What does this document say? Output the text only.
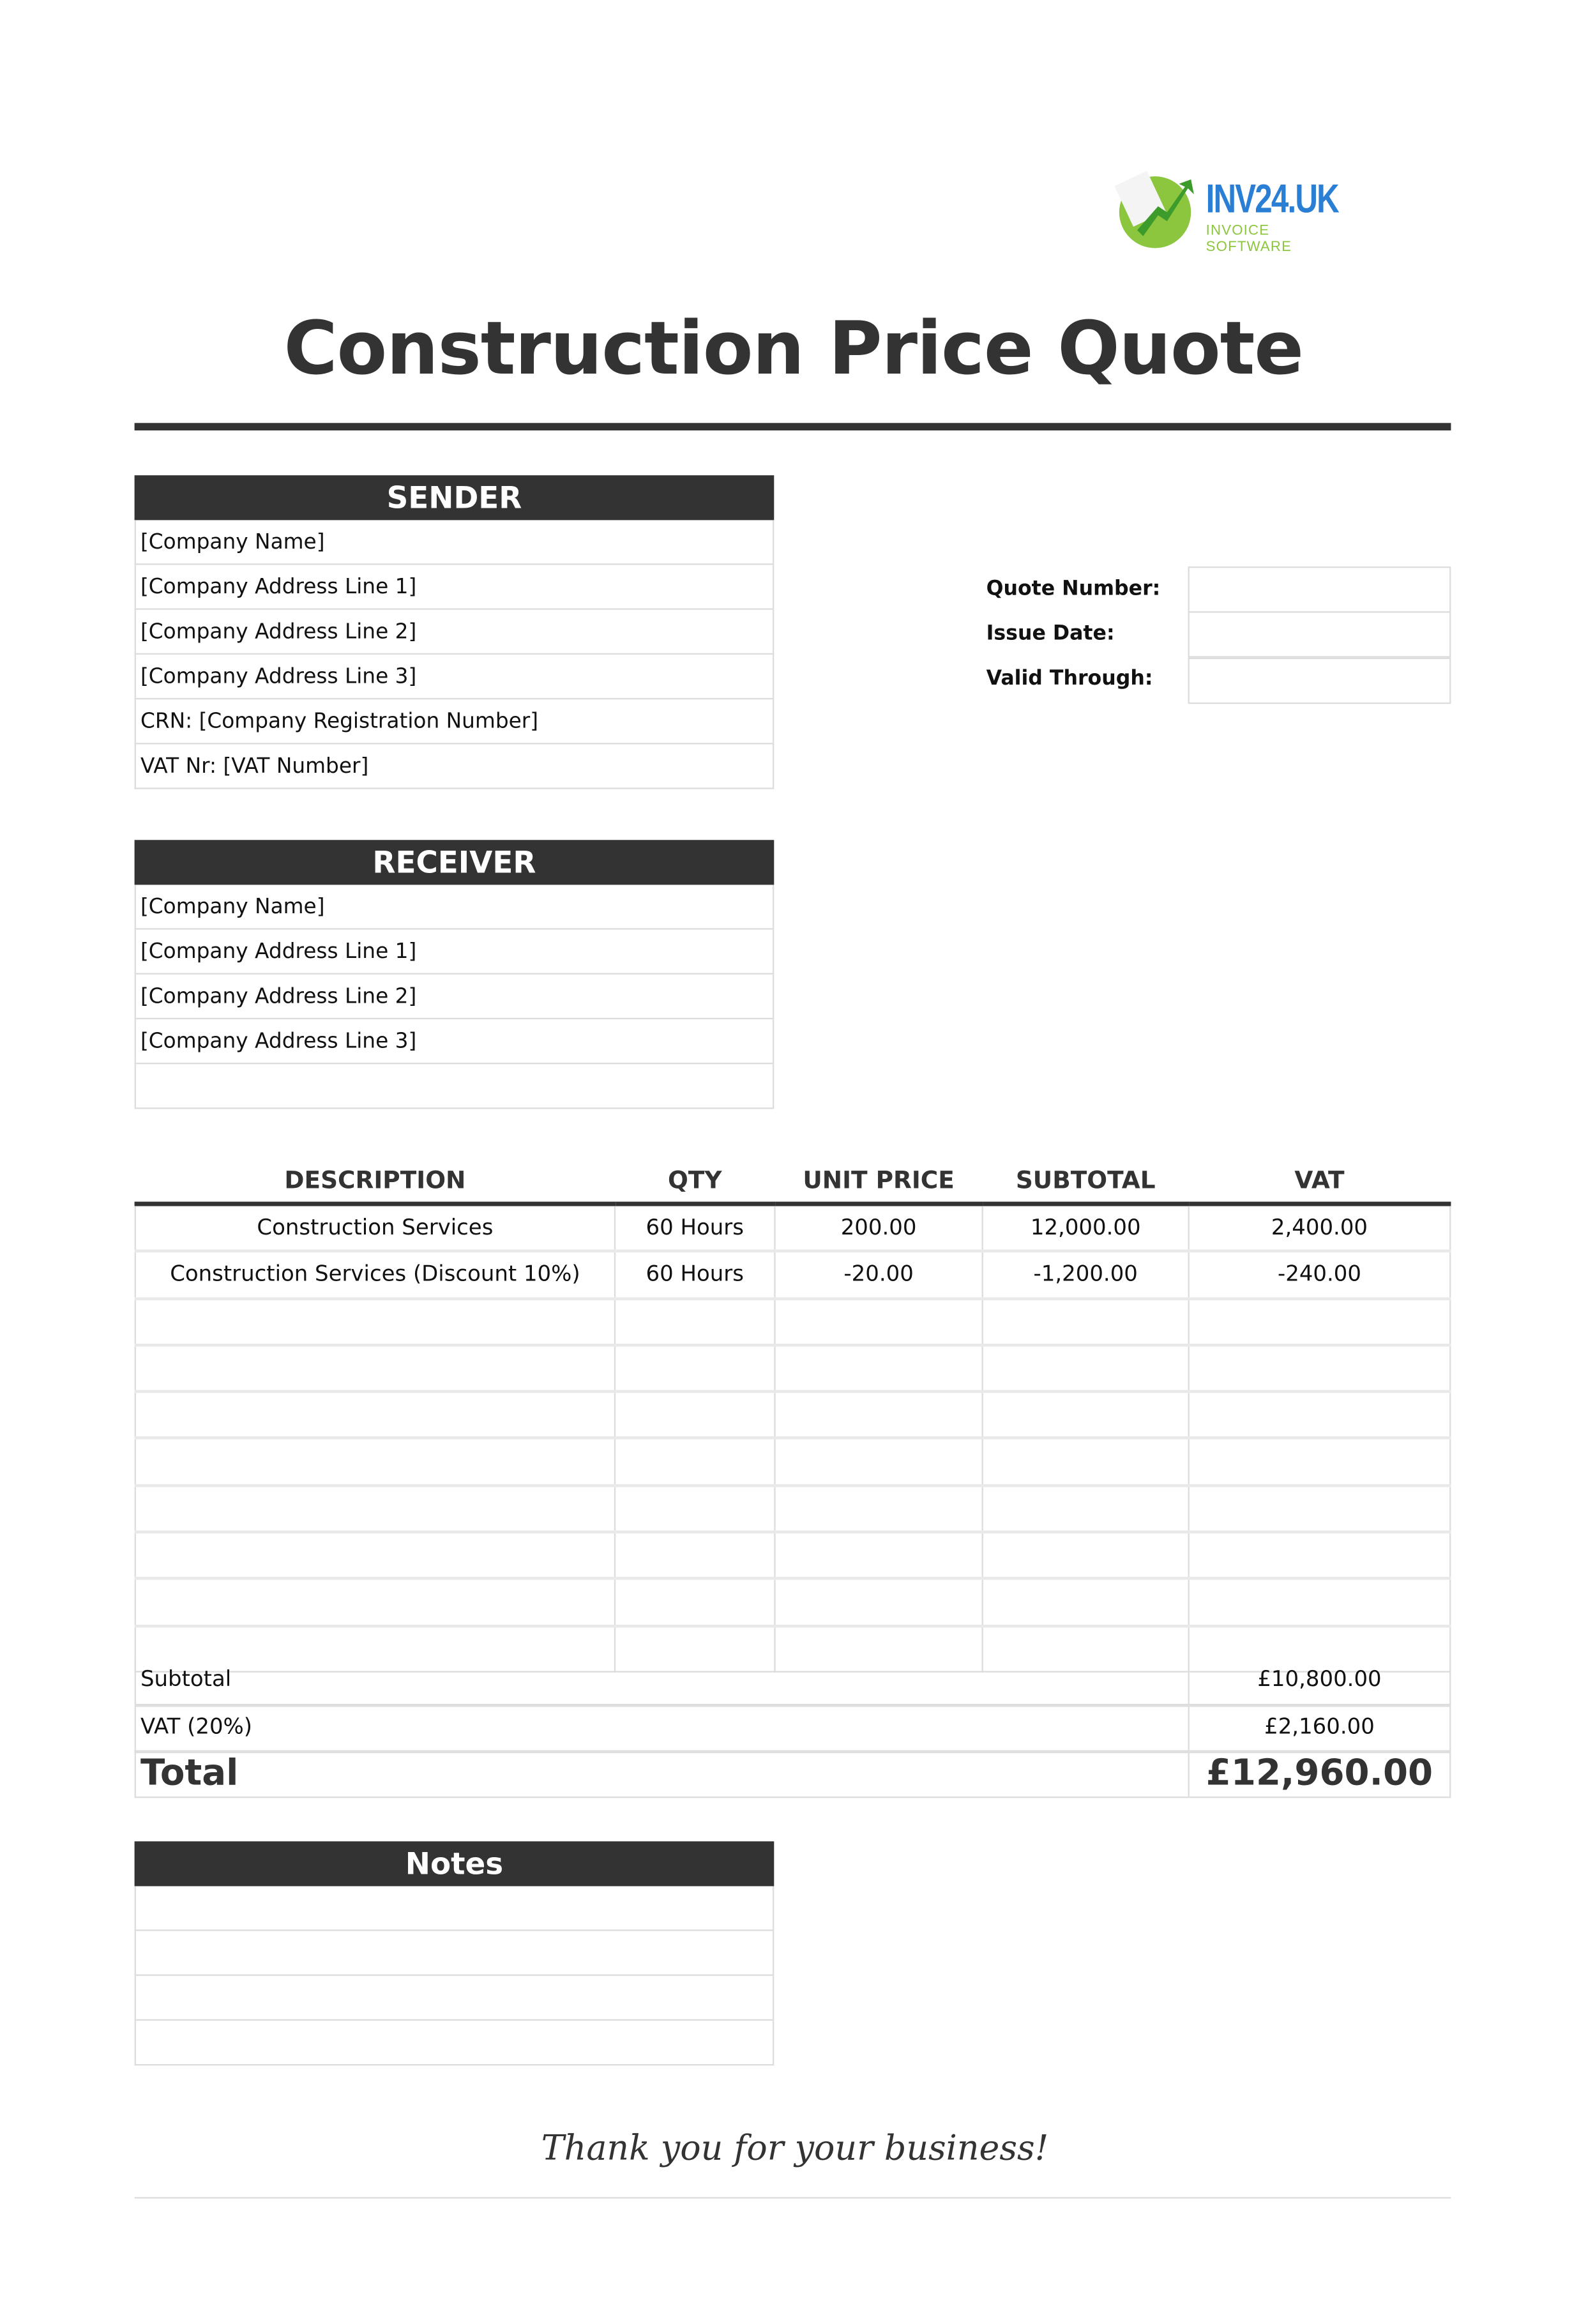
INV24.UK
INVOICE SOFTWARE
Construction Price Quote
SENDER
[Company Name]
[Company Address Line 1]
[Company Address Line 2]
[Company Address Line 3]
CRN: [Company Registration Number]
VAT Nr: [VAT Number]
Quote Number:
Issue Date:
Valid Through:
RECEIVER
[Company Name]
[Company Address Line 1]
[Company Address Line 2]
[Company Address Line 3]
DESCRIPTION	QTY	UNIT PRICE	SUBTOTAL	VAT
Construction Services	60 Hours	200.00	12,000.00	2,400.00
Construction Services (Discount 10%)	60 Hours	-20.00	-1,200.00	-240.00

Subtotal	£10,800.00
VAT (20%)	£2,160.00
Total	£12,960.00
Notes
Thank you for your business!
